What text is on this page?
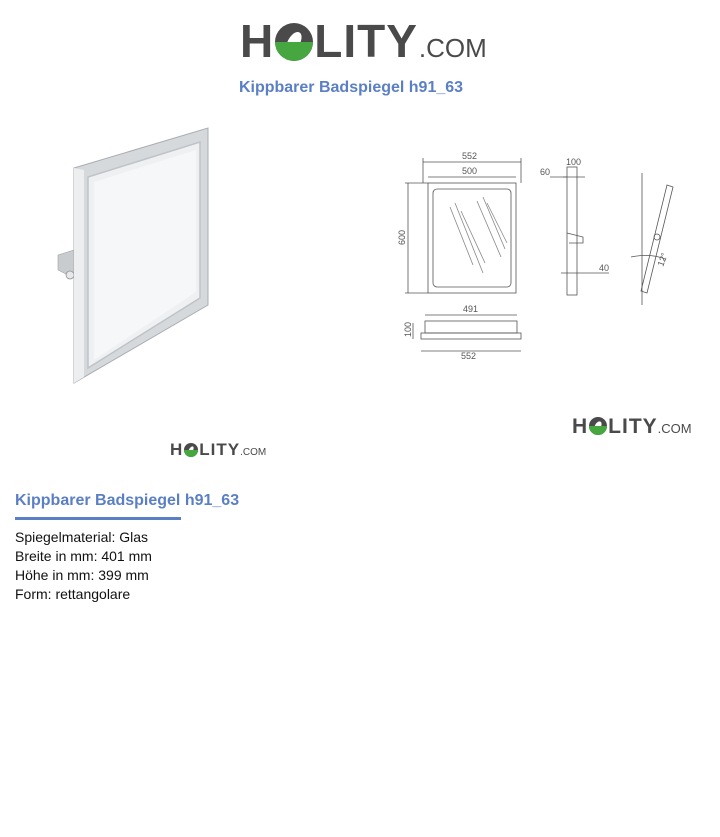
H LITY .COM
Kippbarer Badspiegel h91_63
552
500
600
100
60
40
12°
491
100
552
H LITY .COM
H LITY .COM
Kippbarer Badspiegel h91_63
Spiegelmaterial: Glas
Breite in mm: 401 mm
Höhe in mm: 399 mm
Form: rettangolare
